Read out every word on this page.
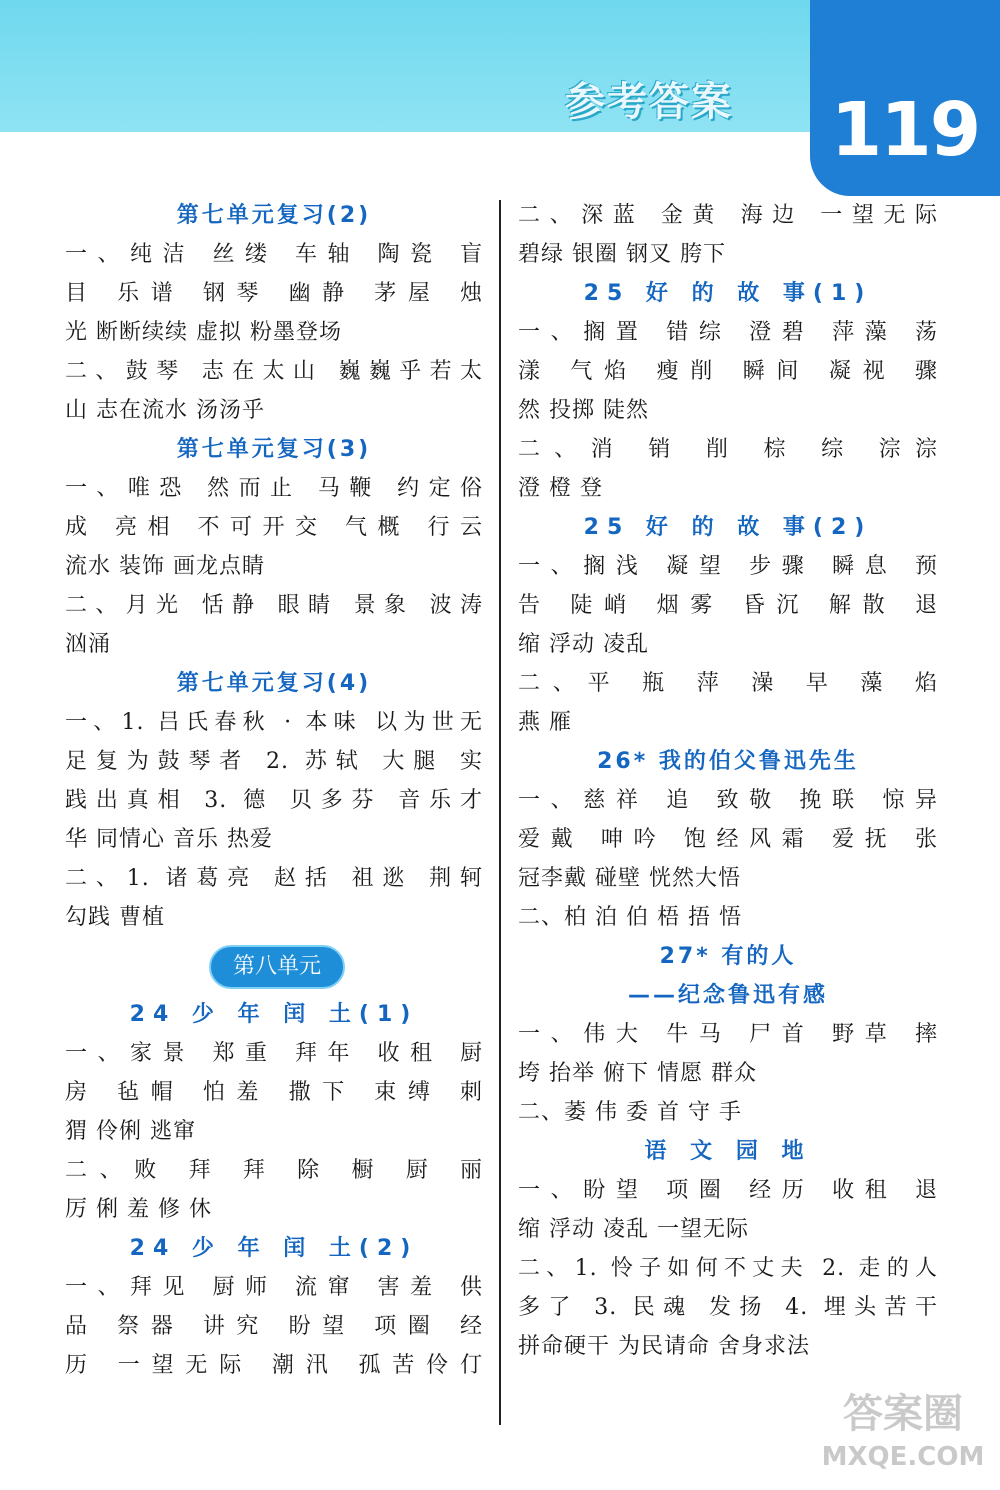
参考答案 119
第七单元复习(2)
一、纯洁 丝缕 车轴 陶瓷 盲
目 乐谱 钢琴 幽静 茅屋 烛
光 断断续续 虚拟 粉墨登场
二、鼓琴 志在太山 巍巍乎若太
山 志在流水 汤汤乎
第七单元复习(3)
一、唯恐 然而止 马鞭 约定俗
成 亮相 不可开交 气概 行云
流水 装饰 画龙点睛
二、月光 恬静 眼睛 景象 波涛
汹涌
第七单元复习(4)
一、1. 吕氏春秋 · 本味 以为世无
足复为鼓琴者 2. 苏轼 大腿 实
践出真相 3. 德 贝多芬 音乐才
华 同情心 音乐 热爱
二、1. 诸葛亮 赵括 祖逖 荆轲
勾践 曹植
第八单元
24 少 年 闰 土(1)
一、家景 郑重 拜年 收租 厨
房 毡帽 怕羞 撒下 束缚 刺
猬 伶俐 逃窜
二、败 拜 拜 除 橱 厨 丽
厉 俐 羞 修 休
24 少 年 闰 土(2)
一、拜见 厨师 流窜 害羞 供
品 祭器 讲究 盼望 项圈 经
历 一望无际 潮汛 孤苦伶仃
二、深蓝 金黄 海边 一望无际
碧绿 银圈 钢叉 胯下
25 好 的 故 事(1)
一、搁置 错综 澄碧 萍藻 荡
漾 气焰 瘦削 瞬间 凝视 骤
然 投掷 陡然
二、消 销 削 棕 综 淙淙
澄 橙 登
25 好 的 故 事(2)
一、搁浅 凝望 步骤 瞬息 预
告 陡峭 烟雾 昏沉 解散 退
缩 浮动 凌乱
二、平 瓶 萍 澡 早 藻 焰
燕 雁
26* 我的伯父鲁迅先生
一、慈祥 追 致敬 挽联 惊异
爱戴 呻吟 饱经风霜 爱抚 张
冠李戴 碰壁 恍然大悟
二、柏 泊 伯 梧 捂 悟
27* 有的人
——纪念鲁迅有感
一、伟大 牛马 尸首 野草 摔
垮 抬举 俯下 情愿 群众
二、萎 伟 委 首 守 手
语 文 园 地
一、盼望 项圈 经历 收租 退
缩 浮动 凌乱 一望无际
二、1. 怜子如何不丈夫 2. 走的人
多了 3. 民魂 发扬 4. 埋头苦干
拼命硬干 为民请命 舍身求法
答案圈
MXQE.COM
